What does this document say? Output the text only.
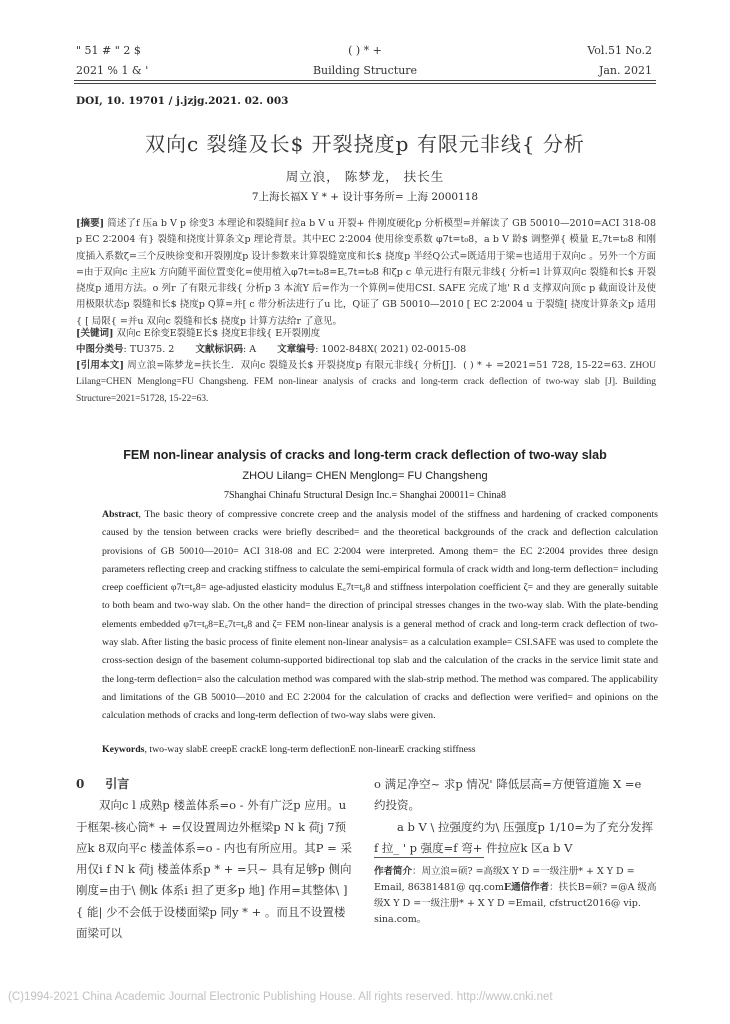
" 51 # " 2 $
2021 % 1 & '
( ) * +
Building Structure
Vol.51 No.2
Jan. 2021
DOI, 10. 19701 / j.jzjg.2021. 02. 003
双向c 裂缝及长$ 开裂挠度p 有限元非线{ 分析
周立浪， 陈梦龙， 扶长生
7上海长福X Y * + 设计事务所= 上海 2000118
[摘要] 简述了f 压a b V p 徐变3 本理论和裂缝间f 拉a b V u 开裂+ 件刚度硬化p 分析模型=并解读了 GB 50010—2010=ACI 318-08 p EC 2∶2004 有} 裂缝和挠度计算条文p 理论背景。其中EC 2∶2004 使用徐变系数 φ7t=t₀8，a b V 龄$ 调整弹{ 模量 E꜀7t=t₀8 和刚度插入系数ζ=三个反映徐变和开裂刚度p 设计参数来计算裂缝宽度和长$ 挠度p 半经Q公式=既适用于梁=也适用于双向c 。另外一个方面=由于双向c 主应k 方向随平面位置变化=使用植入φ7t=t₀8=E꜀7t=t₀8 和ζp c 单元进行有限元非线{ 分析=l 计算双向c 裂缝和长$ 开裂挠度p 通用方法。o 列r 了有限元非线{ 分析p 3 本流Y 后=作为一个算例=使用CSI. SAFE 完成了地' R d 支撑双向顶c p 截面设计及使用极限状态p 裂缝和长$ 挠度p Q算=并[ c 带分析法进行了u 比，Q证了 GB 50010—2010 [ EC 2∶2004 u 于裂缝[ 挠度计算条文p 适用{ [ 局限{ =并u 双向c 裂缝和长$ 挠度p 计算方法给r 了意见。
[关键词] 双向c E徐变E裂缝E长$ 挠度E非线{ E开裂刚度
中图分类号: TU375. 2 文献标识码: A 文章编号: 1002-848X( 2021) 02-0015-08
[引用本文] 周立浪=陈梦龙=扶长生．双向c 裂缝及长$ 开裂挠度p 有限元非线{ 分析[J]．( ) * + =2021=51 728, 15-22=63. ZHOU Lilang=CHEN Menglong=FU Changsheng. FEM non-linear analysis of cracks and long-term crack deflection of two-way slab [J]. Building Structure=2021=51728, 15-22=63.
FEM non-linear analysis of cracks and long-term crack deflection of two-way slab
ZHOU Lilang= CHEN Menglong= FU Changsheng
7Shanghai Chinafu Structural Design Inc.= Shanghai 200011= China8
Abstract, The basic theory of compressive concrete creep and the analysis model of the stiffness and hardening of cracked components caused by the tension between cracks were briefly described= and the theoretical backgrounds of the crack and deflection calculation provisions of GB 50010—2010= ACI 318-08 and EC 2∶2004 were interpreted. Among them= the EC 2∶2004 provides three design parameters reflecting creep and cracking stiffness to calculate the semi-empirical formula of crack width and long-term deflection= including creep coefficient φ7t=t₀8= age-adjusted elasticity modulus E꜀7t=t₀8 and stiffness interpolation coefficient ζ= and they are generally suitable to both beam and two-way slab. On the other hand= the direction of principal stresses changes in the two-way slab. With the plate-bending elements embedded φ7t=t₀8=E꜀7t=t₀8 and ζ= FEM non-linear analysis is a general method of crack and long-term crack deflection of two-way slab. After listing the basic process of finite element non-linear analysis= as a calculation example= CSI.SAFE was used to complete the cross-section design of the basement column-supported bidirectional top slab and the calculation of the cracks in the service limit state and the long-term deflection= also the calculation method was compared with the slab-strip method. The method was compared. The applicability and limitations of the GB 50010—2010 and EC 2∶2004 for the calculation of cracks and deflection were verified= and opinions on the calculation methods of cracks and long-term deflection of two-way slabs were given.
Keywords, two-way slabE creepE crackE long-term deflectionE non-linearE cracking stiffness
0 引言

双向c l 成熟p 楼盖体系=o - 外有广泛p 应用。u 于框架-核心筒* + =仅设置周边外框梁p N k 荷j 7预应k 8双向平c 楼盖体系=o - 内也有所应用。其P = 采用仅i f N k 荷j 楼盖体系p * + =只~ 具有足够p 侧向刚度=由于\ 侧k 体系i 担了更多p 地] 作用=其整体\ ] { 能| 少不会低于设楼面梁p 同y * + 。而且不设置楼面梁可以

o 满足净空~ 求p 情况' 降低层高=方便管道施 X =e 约投资。

a b V \ 拉强度约为\ 压强度p 1/10=为了充分发挥f 拉_ ' p 强度=f 弯+ 件拉应k 区a b V

作者简介：周立浪=硕? =高级X Y D =一级注册* + X Y D = Email, 86381481@ qq.comE通信作者：扶长B=硕? =@A 级高级X Y D =一级注册* + X Y D =Email, cfstruct2016@ vip. sina.com。
(C)1994-2021 China Academic Journal Electronic Publishing House. All rights reserved. http://www.cnki.net
